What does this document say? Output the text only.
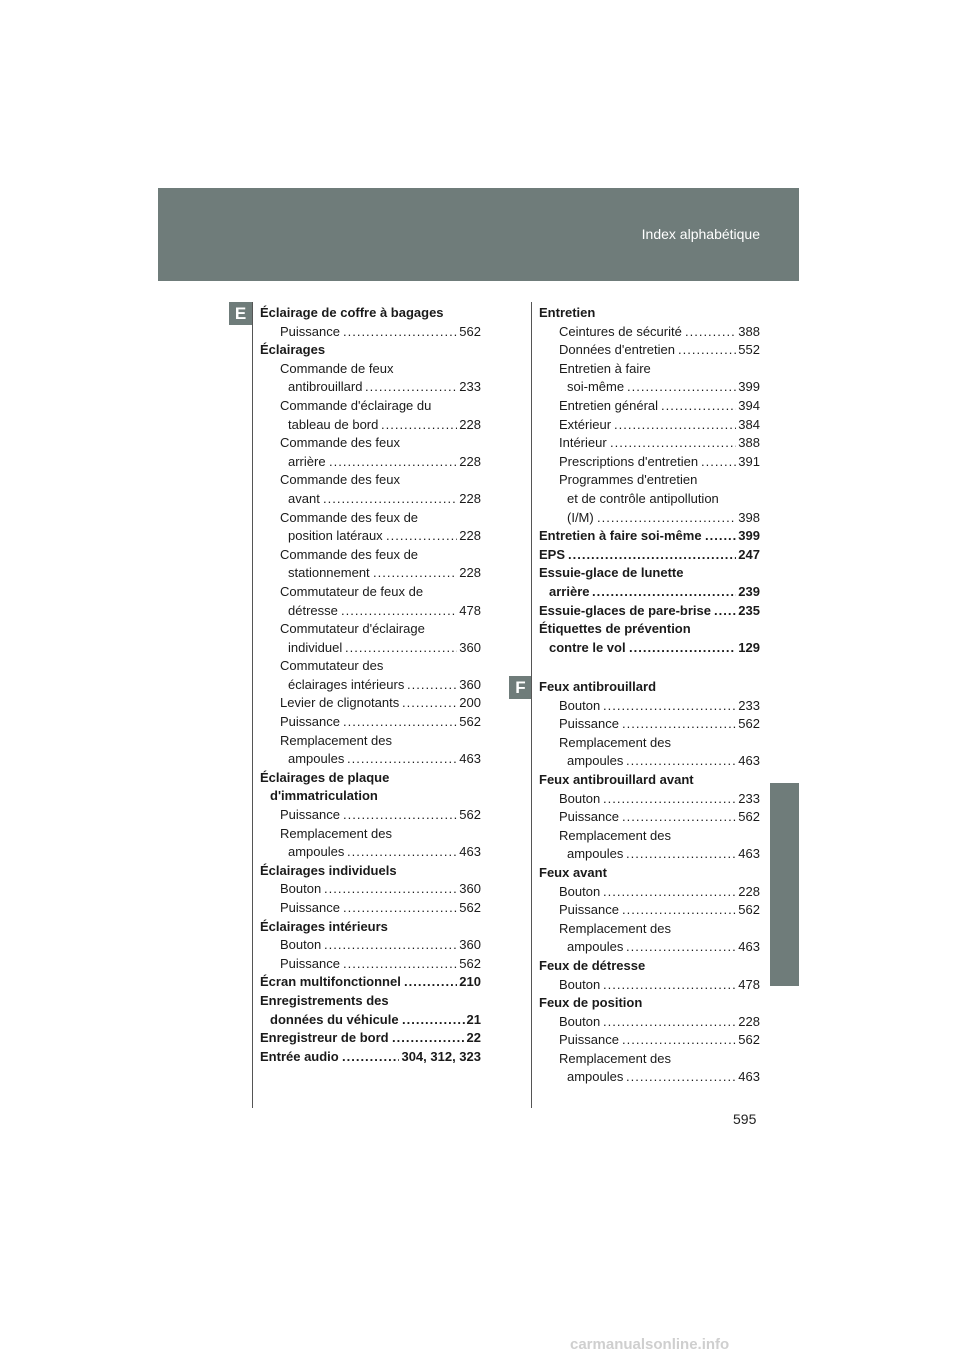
Index alphabétique
E
F
Éclairage de coffre à bagages
Puissance .....	562
Éclairages
Commande de feux
antibrouillard .....	233
Commande d'éclairage du
tableau de bord .....	228
Commande des feux
arrière .....	228
Commande des feux
avant .....	228
Commande des feux de
position latéraux .....	228
Commande des feux de
stationnement .....	228
Commutateur de feux de
détresse .....	478
Commutateur d'éclairage
individuel .....	360
Commutateur des
éclairages intérieurs .....	360
Levier de clignotants .....	200
Puissance .....	562
Remplacement des
ampoules .....	463
Éclairages de plaque
d'immatriculation
Puissance .....	562
Remplacement des
ampoules .....	463
Éclairages individuels
Bouton .....	360
Puissance .....	562
Éclairages intérieurs
Bouton .....	360
Puissance .....	562
Écran multifonctionnel .....	210
Enregistrements des
données du véhicule .....	21
Enregistreur de bord .....	22
Entrée audio .....	304, 312, 323
Entretien
Ceintures de sécurité .....	388
Données d'entretien .....	552
Entretien à faire
soi-même .....	399
Entretien général .....	394
Extérieur .....	384
Intérieur .....	388
Prescriptions d'entretien .....	391
Programmes d'entretien
et de contrôle antipollution
(I/M) .....	398
Entretien à faire soi-même .....	399
EPS .....	247
Essuie-glace de lunette
arrière .....	239
Essuie-glaces de pare-brise ..... 235
Étiquettes de prévention
contre le vol .....	129
Feux antibrouillard
Bouton .....	233
Puissance .....	562
Remplacement des
ampoules .....	463
Feux antibrouillard avant
Bouton .....	233
Puissance .....	562
Remplacement des
ampoules .....	463
Feux avant
Bouton .....	228
Puissance .....	562
Remplacement des
ampoules .....	463
Feux de détresse
Bouton .....	478
Feux de position
Bouton .....	228
Puissance .....	562
Remplacement des
ampoules .....	463
595
carmanualsonline.info
